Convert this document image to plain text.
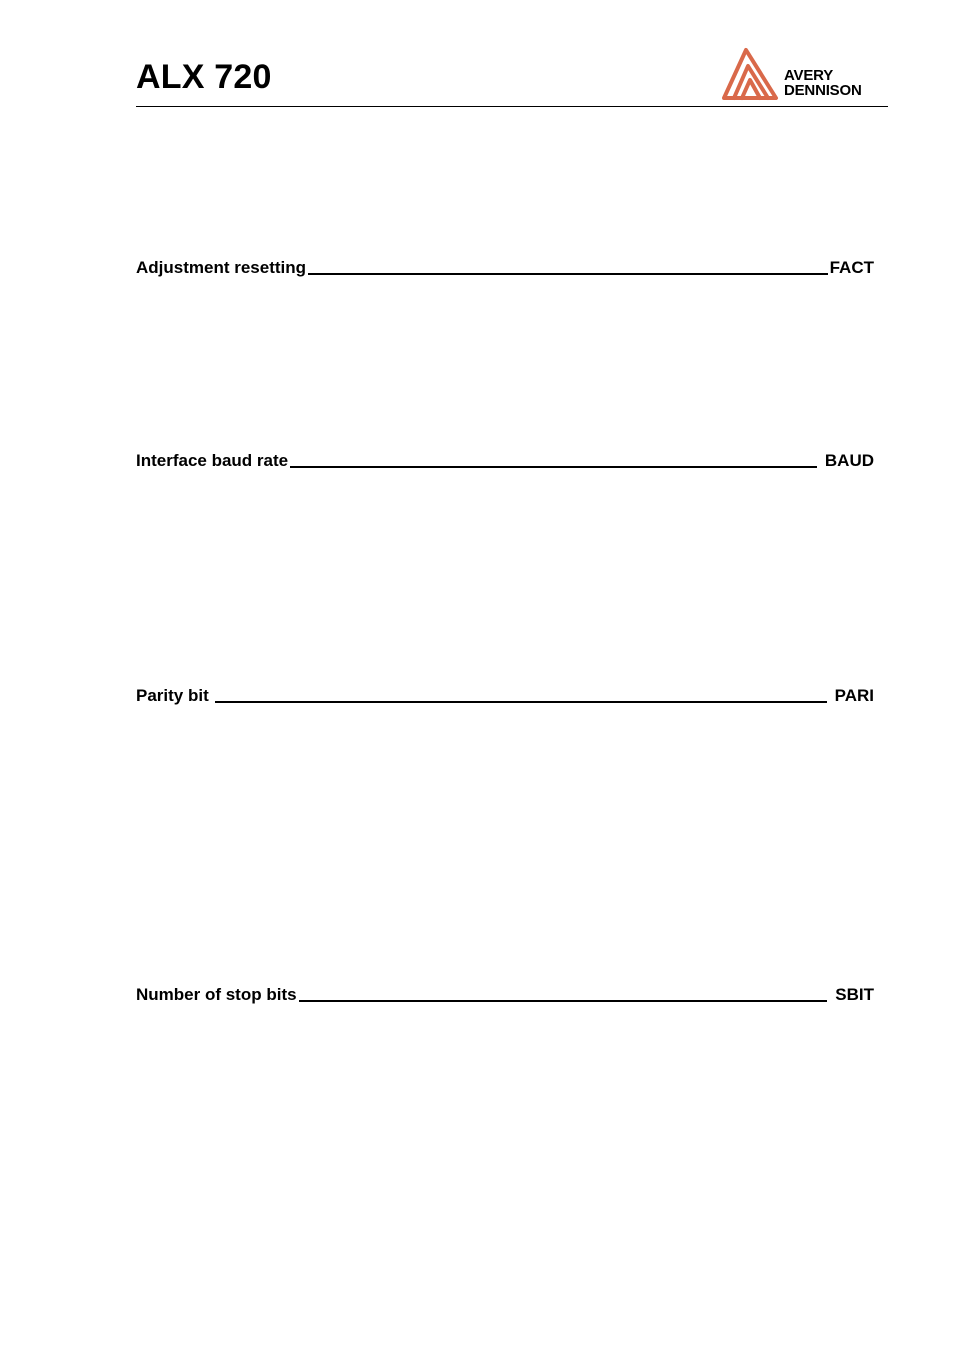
ALX 720	AVERY
DENNISON
Adjustment resetting	FACT
Interface baud rate	BAUD
Parity bit	PARI
Number of stop bits	SBIT
